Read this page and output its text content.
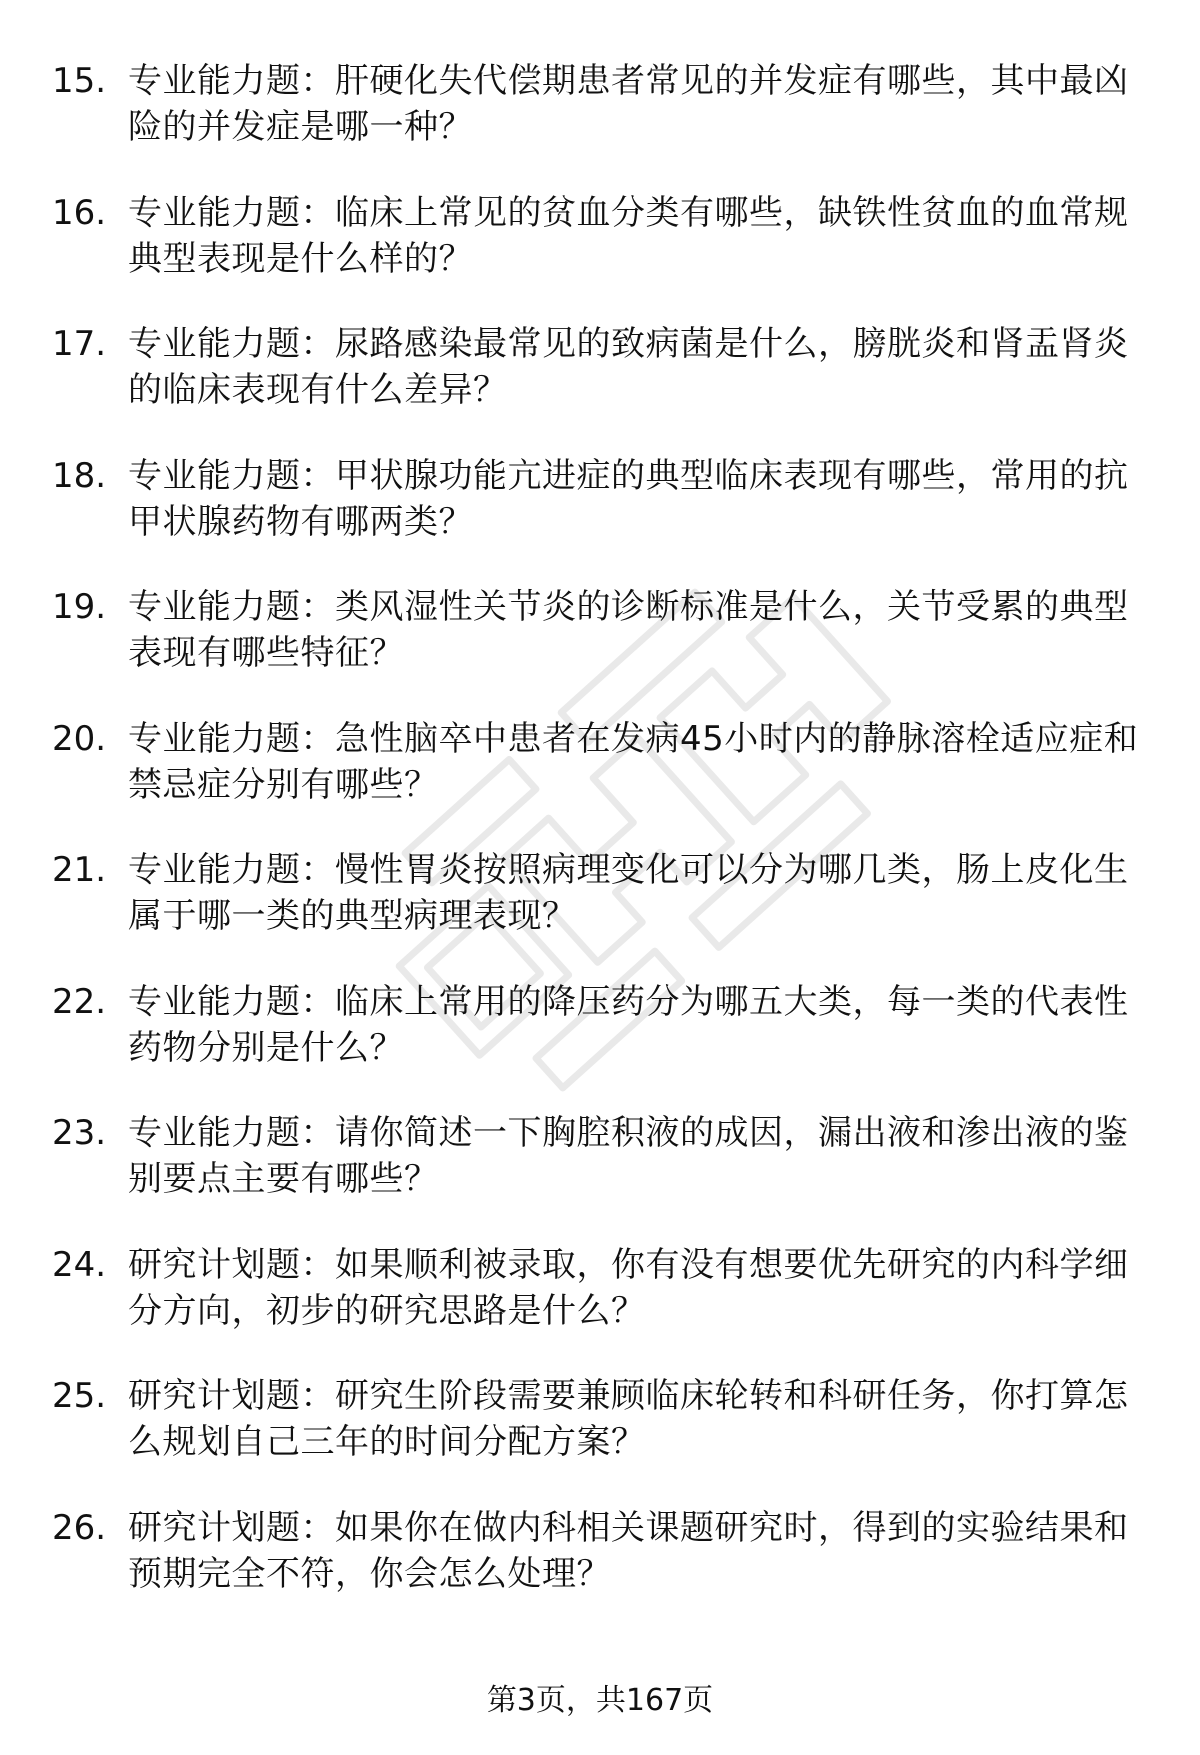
15. 专业能力题：肝硬化失代偿期患者常见的并发症有哪些，其中最凶险的并发症是哪一种？
16. 专业能力题：临床上常见的贫血分类有哪些，缺铁性贫血的血常规典型表现是什么样的？
17. 专业能力题：尿路感染最常见的致病菌是什么，膀胱炎和肾盂肾炎的临床表现有什么差异？
18. 专业能力题：甲状腺功能亢进症的典型临床表现有哪些，常用的抗甲状腺药物有哪两类？
19. 专业能力题：类风湿性关节炎的诊断标准是什么，关节受累的典型表现有哪些特征？
20. 专业能力题：急性脑卒中患者在发病45小时内的静脉溶栓适应症和禁忌症分别有哪些？
21. 专业能力题：慢性胃炎按照病理变化可以分为哪几类，肠上皮化生属于哪一类的典型病理表现？
22. 专业能力题：临床上常用的降压药分为哪五大类，每一类的代表性药物分别是什么？
23. 专业能力题：请你简述一下胸腔积液的成因，漏出液和渗出液的鉴别要点主要有哪些？
24. 研究计划题：如果顺利被录取，你有没有想要优先研究的内科学细分方向，初步的研究思路是什么？
25. 研究计划题：研究生阶段需要兼顾临床轮转和科研任务，你打算怎么规划自己三年的时间分配方案？
26. 研究计划题：如果你在做内科相关课题研究时，得到的实验结果和预期完全不符，你会怎么处理？
第3页，共167页
